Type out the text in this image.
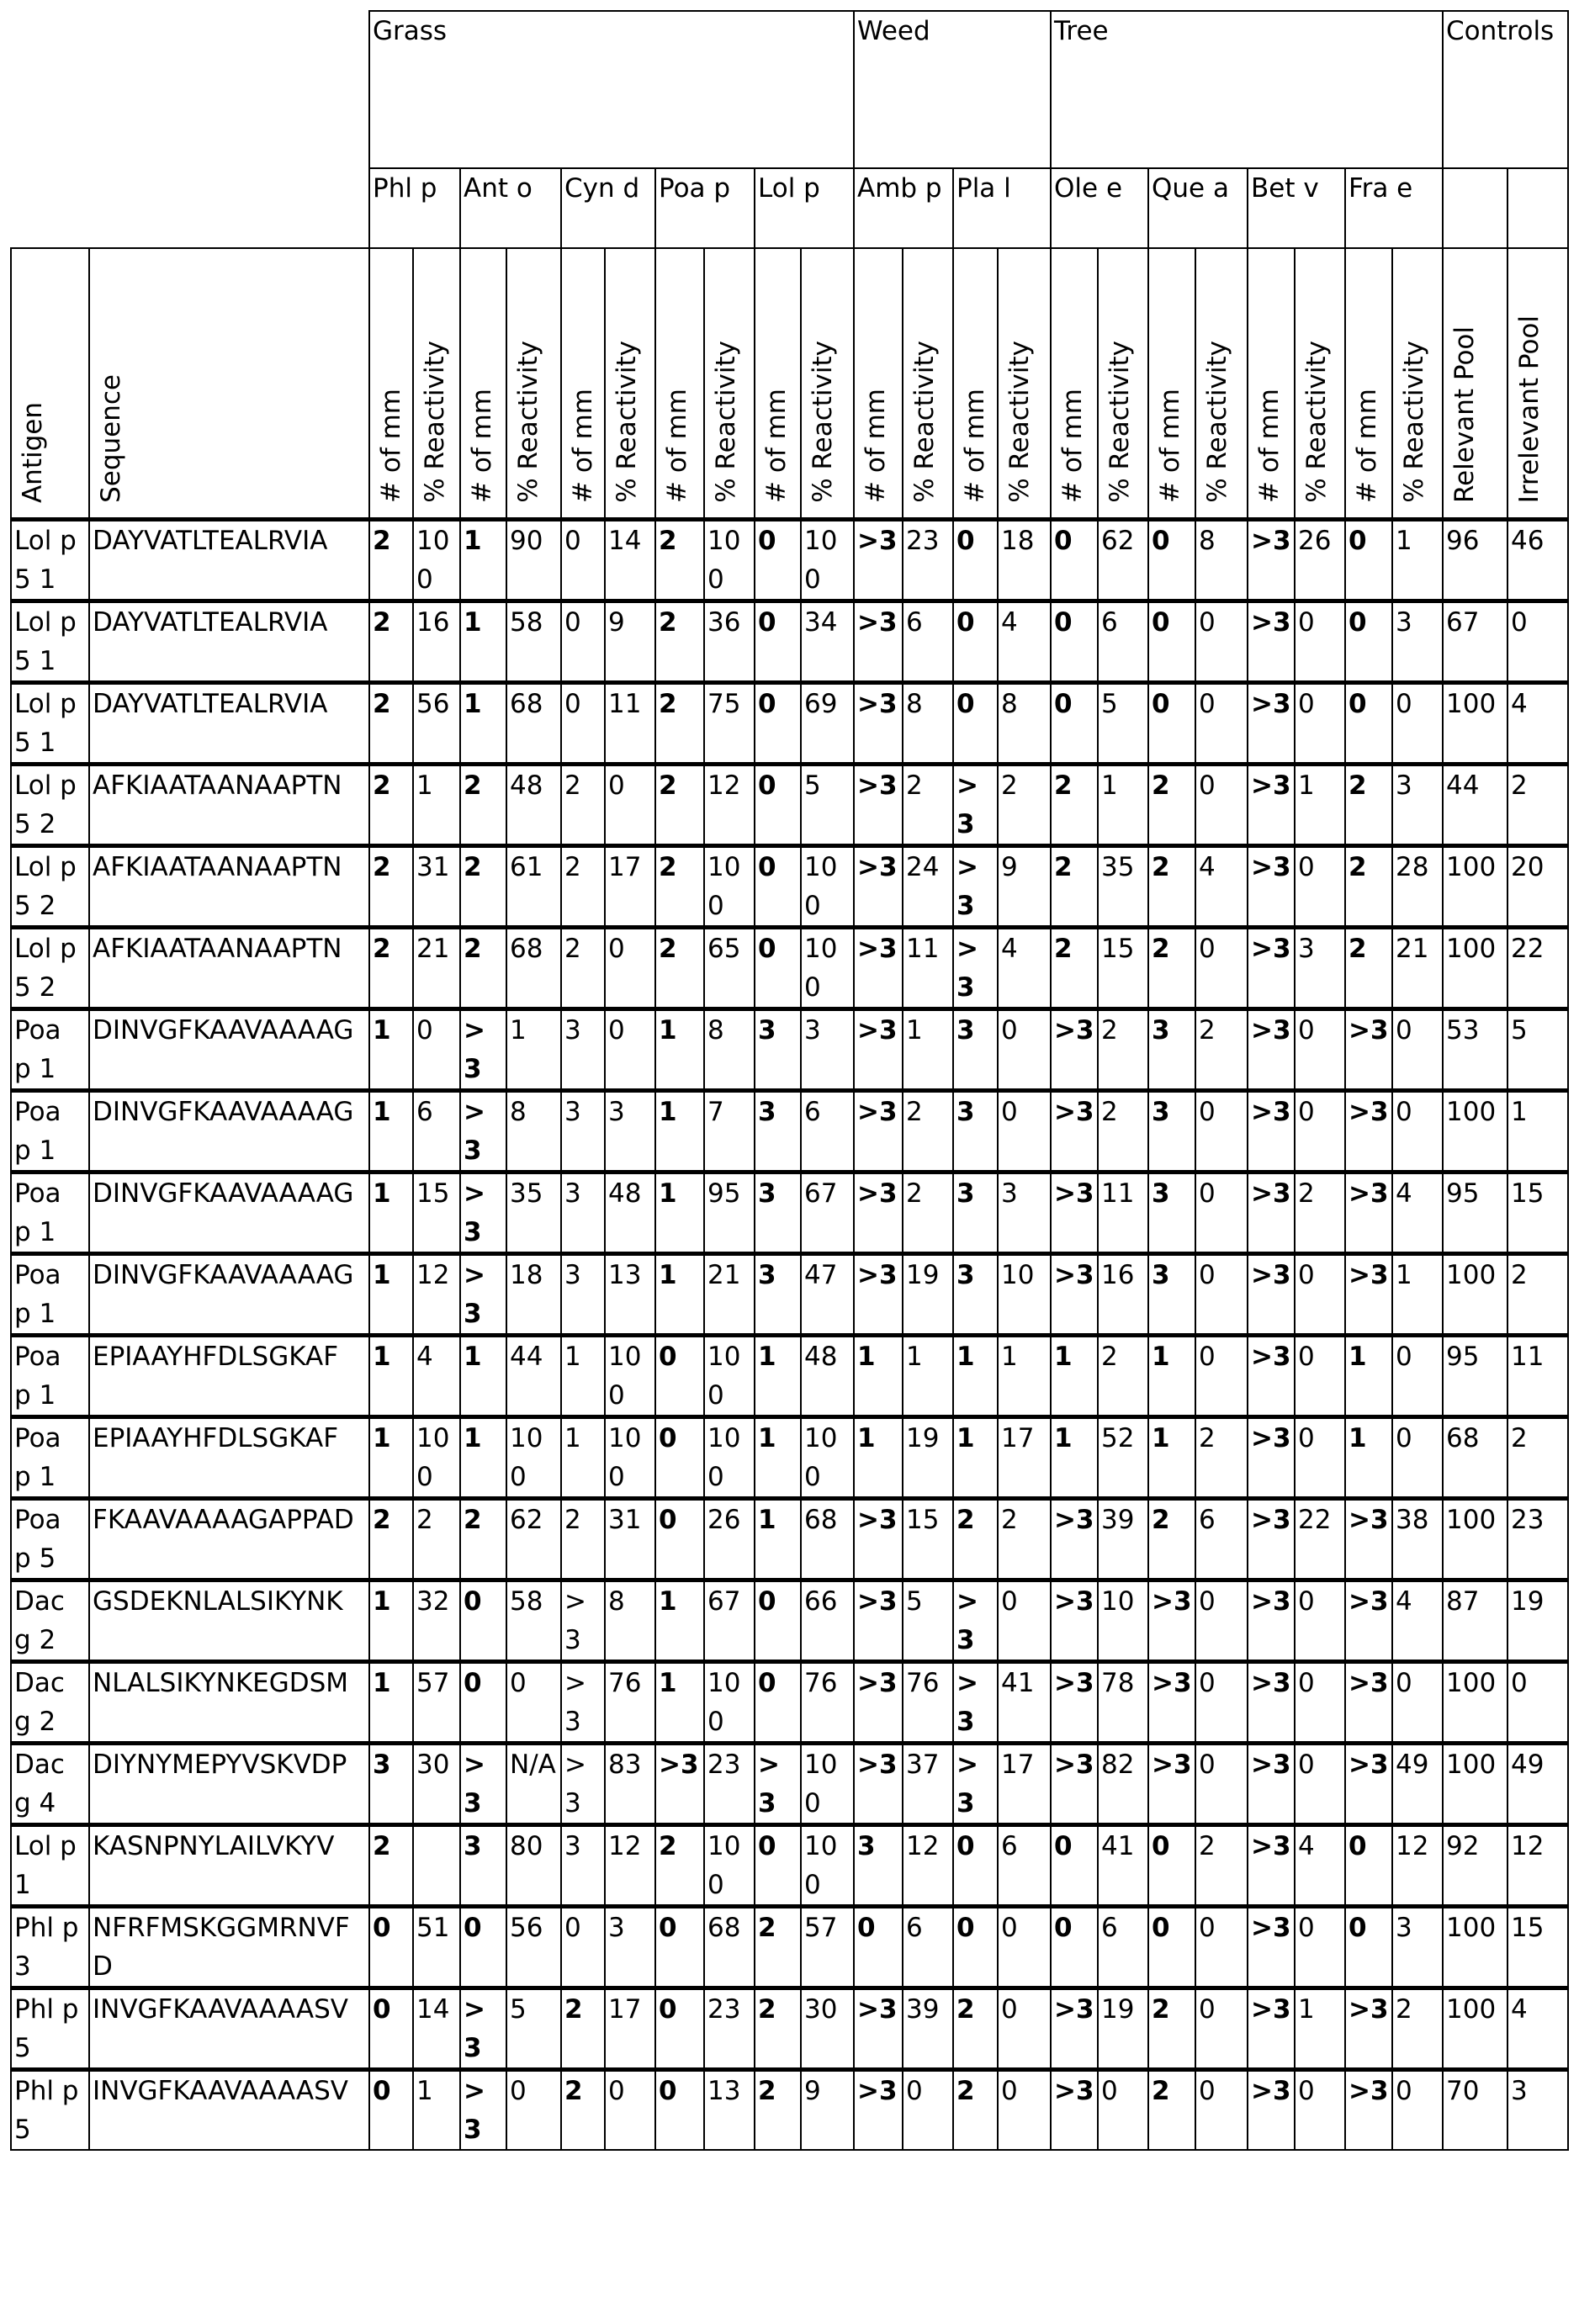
	Grass	Weed	Tree	Controls
	Phl p	Ant o	Cyn d	Poa p	Lol p	Amb p	Pla l	Ole e	Que a	Bet v	Fra e		
Antigen	Sequence	# of mm	% Reactivity	# of mm	% Reactivity	# of mm	% Reactivity	# of mm	% Reactivity	# of mm	% Reactivity	# of mm	% Reactivity	# of mm	% Reactivity	# of mm	% Reactivity	# of mm	% Reactivity	# of mm	% Reactivity	# of mm	% Reactivity	Relevant Pool	Irrelevant Pool
Lol p 5 1	DAYVATLTEALRVIA	2	100	1	90	0	14	2	100	0	100	>3	23	0	18	0	62	0	8	>3	26	0	1	96	46
Lol p 5 1	DAYVATLTEALRVIA	2	16	1	58	0	9	2	36	0	34	>3	6	0	4	0	6	0	0	>3	0	0	3	67	0
Lol p 5 1	DAYVATLTEALRVIA	2	56	1	68	0	11	2	75	0	69	>3	8	0	8	0	5	0	0	>3	0	0	0	100	4
Lol p 5 2	AFKIAATAANAAPTN	2	1	2	48	2	0	2	12	0	5	>3	2	>3	2	2	1	2	0	>3	1	2	3	44	2
Lol p 5 2	AFKIAATAANAAPTN	2	31	2	61	2	17	2	100	0	100	>3	24	>3	9	2	35	2	4	>3	0	2	28	100	20
Lol p 5 2	AFKIAATAANAAPTN	2	21	2	68	2	0	2	65	0	100	>3	11	>3	4	2	15	2	0	>3	3	2	21	100	22
Poa p 1	DINVGFKAAVAAAAG	1	0	>3	1	3	0	1	8	3	3	>3	1	3	0	>3	2	3	2	>3	0	>3	0	53	5
Poa p 1	DINVGFKAAVAAAAG	1	6	>3	8	3	3	1	7	3	6	>3	2	3	0	>3	2	3	0	>3	0	>3	0	100	1
Poa p 1	DINVGFKAAVAAAAG	1	15	>3	35	3	48	1	95	3	67	>3	2	3	3	>3	11	3	0	>3	2	>3	4	95	15
Poa p 1	DINVGFKAAVAAAAG	1	12	>3	18	3	13	1	21	3	47	>3	19	3	10	>3	16	3	0	>3	0	>3	1	100	2
Poa p 1	EPIAAYHFDLSGKAF	1	4	1	44	1	100	0	100	1	48	1	1	1	1	1	2	1	0	>3	0	1	0	95	11
Poa p 1	EPIAAYHFDLSGKAF	1	100	1	100	1	100	0	100	1	100	1	19	1	17	1	52	1	2	>3	0	1	0	68	2
Poa p 5	FKAAVAAAAGAPPAD	2	2	2	62	2	31	0	26	1	68	>3	15	2	2	>3	39	2	6	>3	22	>3	38	100	23
Dac g 2	GSDEKNLALSIKYNK	1	32	0	58	>3	8	1	67	0	66	>3	5	>3	0	>3	10	>3	0	>3	0	>3	4	87	19
Dac g 2	NLALSIKYNKEGDSM	1	57	0	0	>3	76	1	100	0	76	>3	76	>3	41	>3	78	>3	0	>3	0	>3	0	100	0
Dac g 4	DIYNYMEPYVSKVDP	3	30	>3	N/A	>3	83	>3	23	>3	100	>3	37	>3	17	>3	82	>3	0	>3	0	>3	49	100	49
Lol p 1	KASNPNYLAILVKYV	2		3	80	3	12	2	100	0	100	3	12	0	6	0	41	0	2	>3	4	0	12	92	12
Phl p 3	NFRFMSKGGMRNVFD	0	51	0	56	0	3	0	68	2	57	0	6	0	0	0	6	0	0	>3	0	0	3	100	15
Phl p 5	INVGFKAAVAAAASV	0	14	>3	5	2	17	0	23	2	30	>3	39	2	0	>3	19	2	0	>3	1	>3	2	100	4
Phl p 5	INVGFKAAVAAAASV	0	1	>3	0	2	0	0	13	2	9	>3	0	2	0	>3	0	2	0	>3	0	>3	0	70	3
